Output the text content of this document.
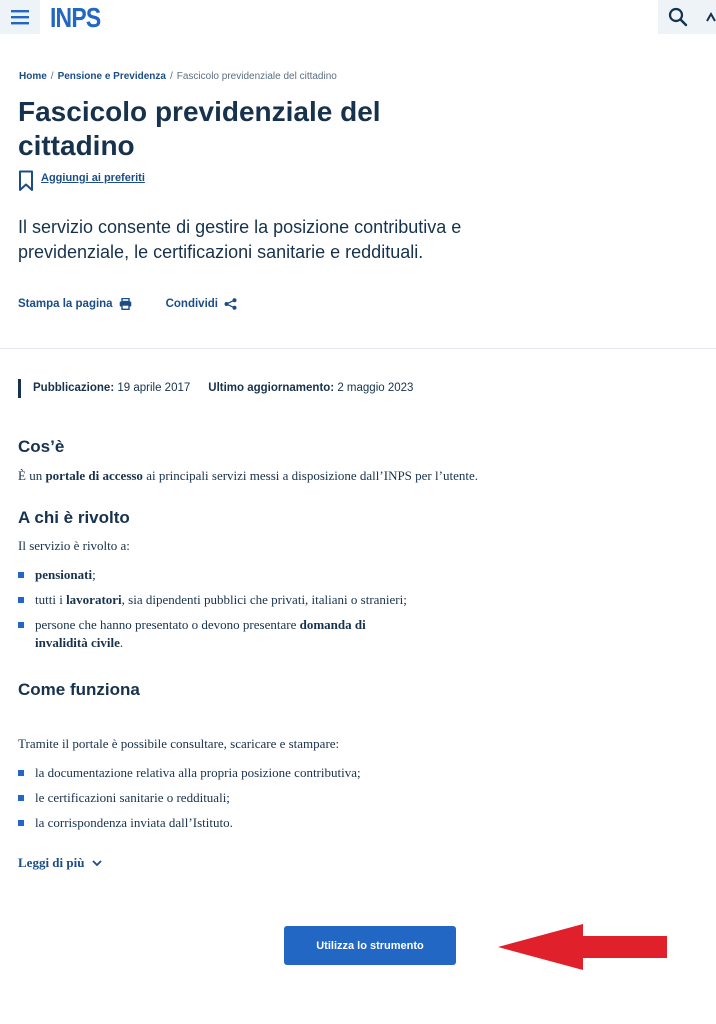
INPS
Home / Pensione e Previdenza / Fascicolo previdenziale del cittadino
Fascicolo previdenziale del
cittadino
Aggiungi ai preferiti
Il servizio consente di gestire la posizione contributiva e
previdenziale, le certificazioni sanitarie e reddituali.
Stampa la pagina	Condividi
Pubblicazione: 19 aprile 2017 Ultimo aggiornamento: 2 maggio 2023
Cos’è

È un portale di accesso ai principali servizi messi a disposizione dall’INPS per l’utente.

A chi è rivolto

Il servizio è rivolto a:

pensionati;
tutti i lavoratori, sia dipendenti pubblici che privati, italiani o stranieri;
persone che hanno presentato o devono presentare domanda di
invalidità civile.
Come funziona

Tramite il portale è possibile consultare, scaricare e stampare:

la documentazione relativa alla propria posizione contributiva;
le certificazioni sanitarie o reddituali;
la corrispondenza inviata dall’Istituto.
Leggi di più
Utilizza lo strumento
